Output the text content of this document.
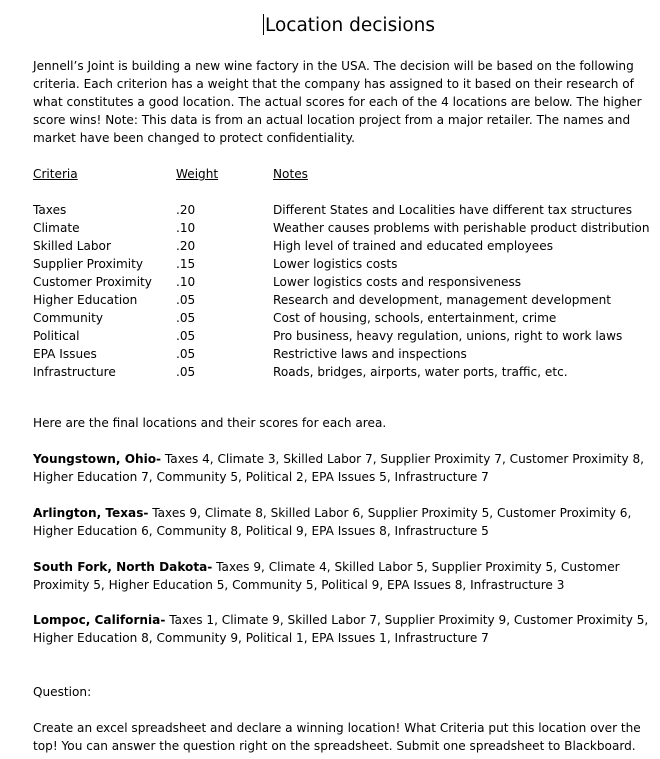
Location decisions

Jennell’s Joint is building a new wine factory in the USA. The decision will be based on the following criteria. Each criterion has a weight that the company has assigned to it based on their research of what constitutes a good location. The actual scores for each of the 4 locations are below. The higher score wins! Note: This data is from an actual location project from a major retailer. The names and market have been changed to protect confidentiality.

Criteria	Weight	Notes
Taxes	.20	Different States and Localities have different tax structures
Climate	.10	Weather causes problems with perishable product distribution
Skilled Labor	.20	High level of trained and educated employees
Supplier Proximity	.15	Lower logistics costs
Customer Proximity .10	Lower logistics costs and responsiveness
Higher Education	.05	Research and development, management development
Community	.05	Cost of housing, schools, entertainment, crime
Political	.05	Pro business, heavy regulation, unions, right to work laws
EPA Issues	.05	Restrictive laws and inspections
Infrastructure	.05	Roads, bridges, airports, water ports, traffic, etc.

Here are the final locations and their scores for each area.

Youngstown, Ohio- Taxes 4, Climate 3, Skilled Labor 7, Supplier Proximity 7, Customer Proximity 8, Higher Education 7, Community 5, Political 2, EPA Issues 5, Infrastructure 7

Arlington, Texas- Taxes 9, Climate 8, Skilled Labor 6, Supplier Proximity 5, Customer Proximity 6, Higher Education 6, Community 8, Political 9, EPA Issues 8, Infrastructure 5

South Fork, North Dakota- Taxes 9, Climate 4, Skilled Labor 5, Supplier Proximity 5, Customer Proximity 5, Higher Education 5, Community 5, Political 9, EPA Issues 8, Infrastructure 3

Lompoc, California- Taxes 1, Climate 9, Skilled Labor 7, Supplier Proximity 9, Customer Proximity 5, Higher Education 8, Community 9, Political 1, EPA Issues 1, Infrastructure 7

Question:

Create an excel spreadsheet and declare a winning location! What Criteria put this location over the top! You can answer the question right on the spreadsheet. Submit one spreadsheet to Blackboard.
